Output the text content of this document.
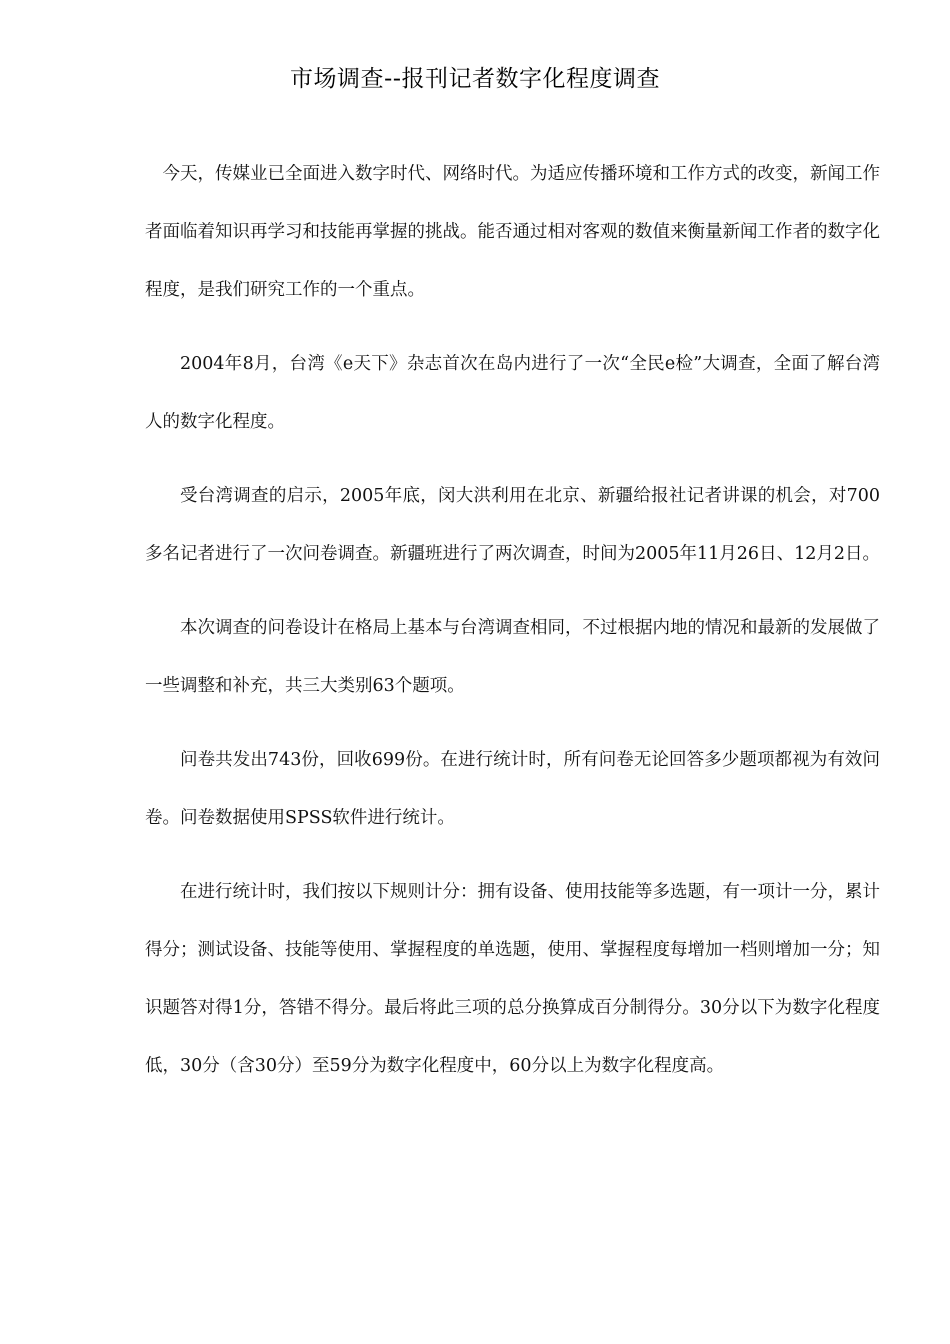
市场调查--报刊记者数字化程度调查

今天，传媒业已全面进入数字时代、网络时代。为适应传播环境和工作方式的改变，新闻工作者面临着知识再学习和技能再掌握的挑战。能否通过相对客观的数值来衡量新闻工作者的数字化程度，是我们研究工作的一个重点。

2004年8月，台湾《e天下》杂志首次在岛内进行了一次“全民e检”大调查，全面了解台湾人的数字化程度。

受台湾调查的启示，2005年底，闵大洪利用在北京、新疆给报社记者讲课的机会，对700多名记者进行了一次问卷调查。新疆班进行了两次调查，时间为2005年11月26日、12月2日。

本次调查的问卷设计在格局上基本与台湾调查相同，不过根据内地的情况和最新的发展做了一些调整和补充，共三大类别63个题项。

问卷共发出743份，回收699份。在进行统计时，所有问卷无论回答多少题项都视为有效问卷。问卷数据使用SPSS软件进行统计。

在进行统计时，我们按以下规则计分：拥有设备、使用技能等多选题，有一项计一分，累计得分；测试设备、技能等使用、掌握程度的单选题，使用、掌握程度每增加一档则增加一分；知识题答对得1分，答错不得分。最后将此三项的总分换算成百分制得分。30分以下为数字化程度低，30分（含30分）至59分为数字化程度中，60分以上为数字化程度高。
